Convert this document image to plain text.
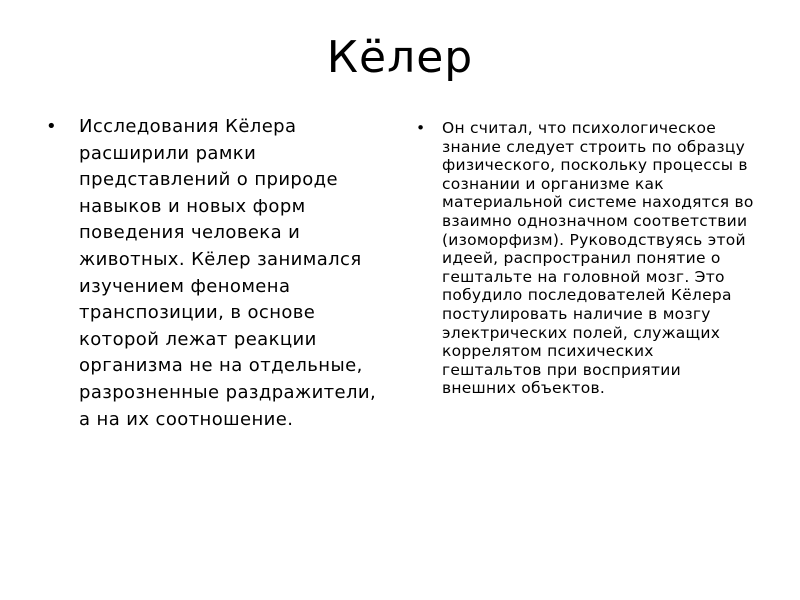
Кёлер
• Исследования Кёлера расширили рамки представлений о природе навыков и новых форм поведения человека и животных. Кёлер занимался изучением феномена транспозиции, в основе которой лежат реакции организма не на отдельные, разрозненные раздражители, а на их соотношение.
• Он считал, что психологическое знание следует строить по образцу физического, поскольку процессы в сознании и организме как материальной системе находятся во взаимно однозначном соответствии (изоморфизм). Руководствуясь этой идеей, распространил понятие о гештальте на головной мозг. Это побудило последователей Кёлера постулировать наличие в мозгу электрических полей, служащих коррелятом психических гештальтов при восприятии внешних объектов.
